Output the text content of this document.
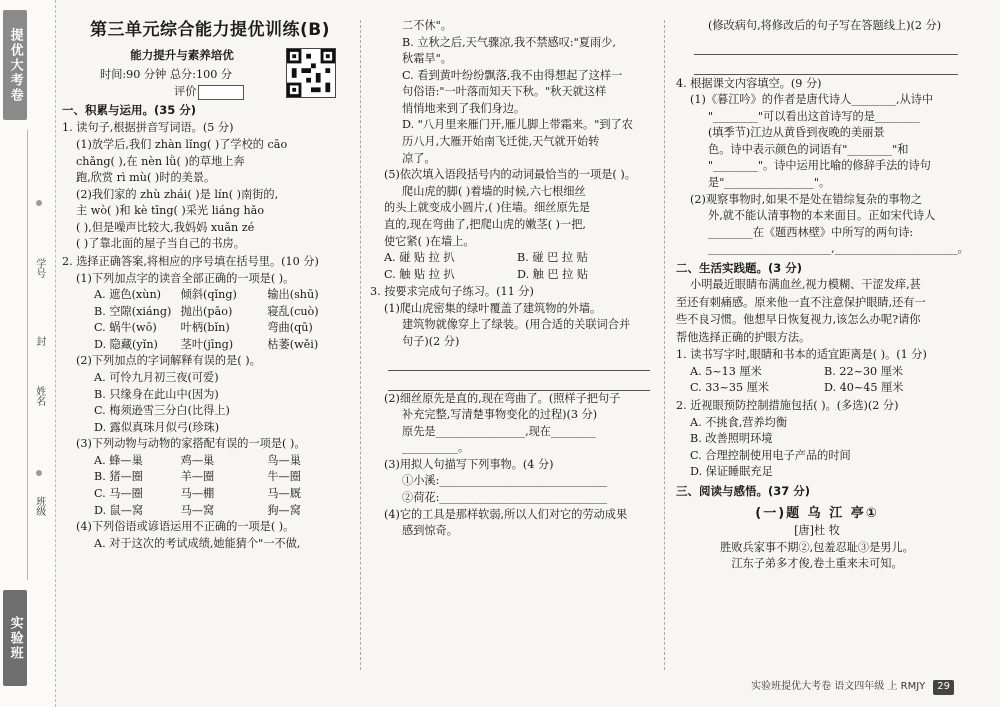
提优大考卷
学号
封
姓名
班级
实验班
第三单元综合能力提优训练(B)
能力提升与素养培优
时间:90 分钟 总分:100 分
评价
一、积累与运用。(35 分)
1. 读句子,根据拼音写词语。(5 分)
(1)放学后,我们 zhàn lǐng( )了学校的 cāo
chǎng( ),在 nèn lǜ( )的草地上奔
跑,欣赏 rì mù( )时的美景。
(2)我们家的 zhù zhái( )是 lín( )南街的,
主 wò( )和 kè tīng( )采光 liáng hǎo
( ),但是噪声比较大,我妈妈 xuǎn zé
( )了靠北面的屋子当自己的书房。
2. 选择正确答案,将相应的序号填在括号里。(10 分)
(1)下列加点字的读音全部正确的一项是( )。
A. 遮色(xùn)	倾斜(qǐng)	输出(shū)
B. 空隙(xiáng) 抛出(pāo)	寝乱(cuò)
C. 蜗牛(wō)	叶柄(bǐn)	弯曲(qū)
D. 隐藏(yǐn)	茎叶(jīng)	枯萎(wěi)
(2)下列加点的字词解释有误的是( )。
A. 可怜九月初三夜(可爱)
B. 只缘身在此山中(因为)
C. 梅须逊雪三分白(比得上)
D. 露似真珠月似弓(珍珠)
(3)下列动物与动物的家搭配有误的一项是( )。
A. 蜂—巢	鸡—巢	鸟—巢
B. 猪—圈	羊—圈	牛—圈
C. 马—圈	马—棚	马—厩
D. 鼠—窝	马—窝	狗—窝
(4)下列俗语或谚语运用不正确的一项是( )。
A. 对于这次的考试成绩,她能猜个"一不做,
二不休"。
B. 立秋之后,天气骤凉,我不禁感叹:"夏雨少,
秋霜旱"。
C. 看到黄叶纷纷飘落,我不由得想起了这样一
句俗语:"一叶落而知天下秋。"秋天就这样
悄悄地来到了我们身边。
D. "八月里来雁门开,雁儿脚上带霜来。"到了农
历八月,大雁开始南飞迁徙,天气就开始转
凉了。
(5)依次填入语段括号内的动词最恰当的一项是( )。
爬山虎的脚( )着墙的时候,六七根细丝
的头上就变成小圆片,( )住墙。细丝原先是
直的,现在弯曲了,把爬山虎的嫩茎( )一把,
使它紧( )在墙上。
A. 碰 贴 拉 扒	B. 碰 巴 拉 贴
C. 触 贴 拉 扒	D. 触 巴 拉 贴
3. 按要求完成句子练习。(11 分)
(1)爬山虎密集的绿叶覆盖了建筑物的外墙。
建筑物就像穿上了绿装。(用合适的关联词合并
句子)(2 分)
(2)细丝原先是直的,现在弯曲了。(照样子把句子
补充完整,写清楚事物变化的过程)(3 分)
原先是________________,现在________
__________。
(3)用拟人句描写下列事物。(4 分)
①小溪:______________________________
②荷花:______________________________
(4)它的工具是那样软弱,所以人们对它的劳动成果
感到惊奇。
(修改病句,将修改后的句子写在答题线上)(2 分)
4. 根据课文内容填空。(9 分)
(1)《暮江吟》的作者是唐代诗人________,从诗中
"________"可以看出这首诗写的是________
(填季节)江边从黄昏到夜晚的美丽景
色。诗中表示颜色的词语有"________"和
"________"。诗中运用比喻的修辞手法的诗句
是"________________"。
(2)观察事物时,如果不是处在错综复杂的事物之
外,就不能认清事物的本来面目。正如宋代诗人
________在《题西林壁》中所写的两句诗:
______________________,______________________。
二、生活实践题。(3 分)
小明最近眼睛布满血丝,视力模糊、干涩发痒,甚
至还有刺痛感。原来他一直不注意保护眼睛,还有一
些不良习惯。他想早日恢复视力,该怎么办呢?请你
帮他选择正确的护眼方法。
1. 读书写字时,眼睛和书本的适宜距离是( )。(1 分)
A. 5~13 厘米	B. 22~30 厘米
C. 33~35 厘米	D. 40~45 厘米
2. 近视眼预防控制措施包括( )。(多选)(2 分)
A. 不挑食,营养均衡
B. 改善照明环境
C. 合理控制使用电子产品的时间
D. 保证睡眠充足
三、阅读与感悟。(37 分)
(一)题 乌 江 亭①
[唐]杜 牧
胜败兵家事不期②,包羞忍耻③是男儿。
江东子弟多才俊,卷土重来未可知。
实验班提优大考卷 语文四年级 上 RMJY	29
